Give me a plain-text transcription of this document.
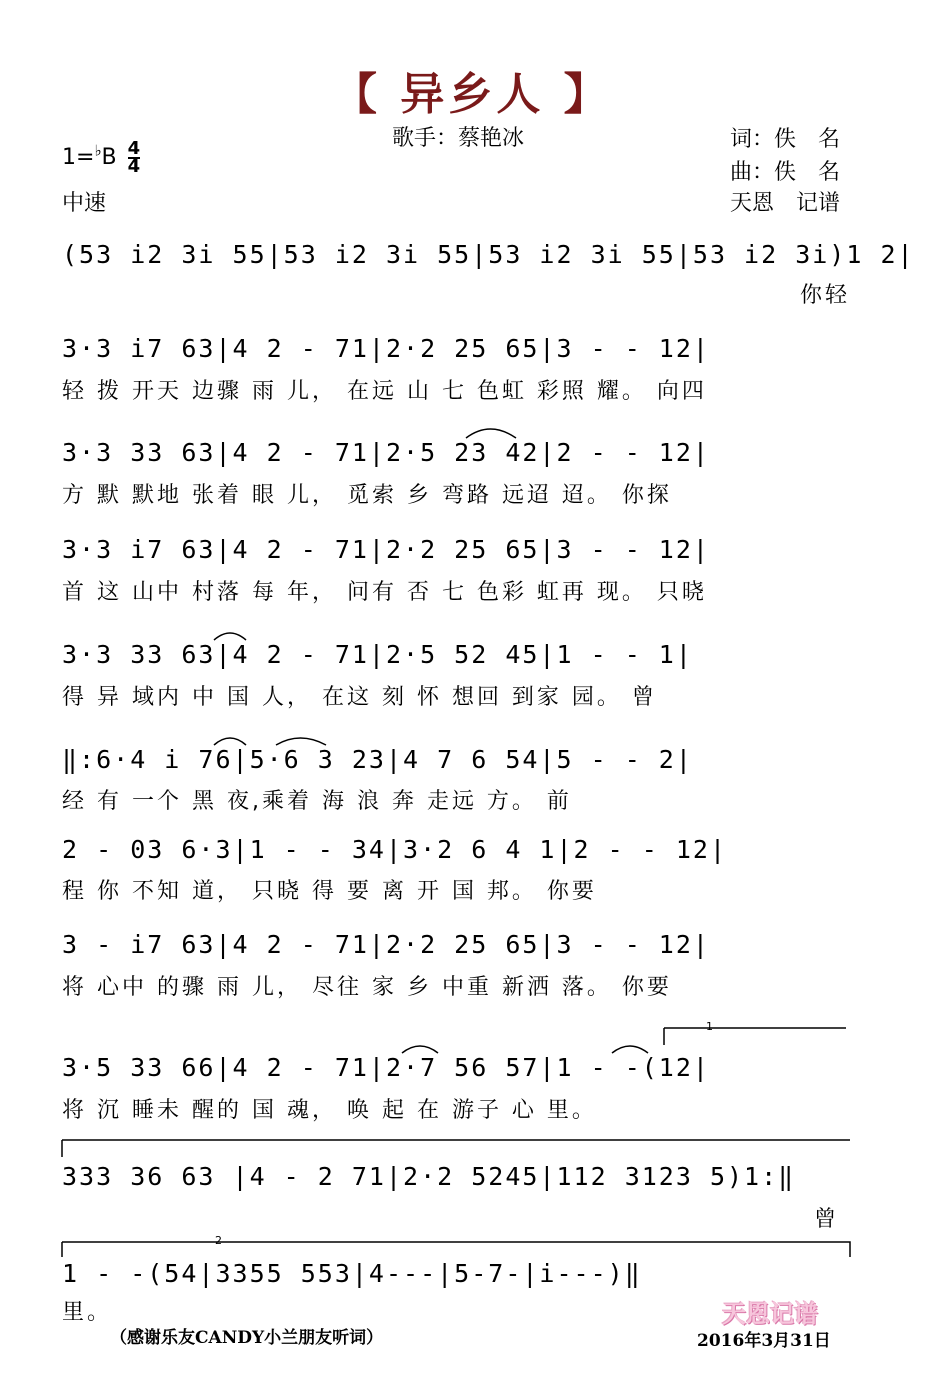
【 异乡人 】
歌手：蔡艳冰
$1=^♭B \frac{4}{4}$
中速
词：佚　名
曲：佚　名
天恩　记谱
(53 i2 3i 55|53 i2 3i 55|53 i2 3i 55|53 i2 3i)1 2|
你轻
3·3 i7 63|4 2 - 71|2·2 25 65|3 - - 12|
轻 拨 开天 边骤 雨 儿， 在远 山 七 色虹 彩照 耀。 向四
3·3 33 63|4 2 - 71|2·5 23 42|2 - - 12|
方 默 默地 张着 眼 儿， 觅索 乡 弯路 远迢 迢。 你探
3·3 i7 63|4 2 - 71|2·2 25 65|3 - - 12|
首 这 山中 村落 每 年， 问有 否 七 色彩 虹再 现。 只晓
3·3 33 63|4 2 - 71|2·5 52 45|1 - - 1|
得 异 域内 中 国 人， 在这 刻 怀 想回 到家 园。 曾
‖:6·4 i 76|5·6 3 23|4 7 6 54|5 - - 2|
经 有 一个 黑 夜,乘着 海 浪 奔 走远 方。 前
2 - 03 6·3|1 - - 34|3·2 6 4 1|2 - - 12|
程 你 不知 道， 只晓 得 要 离 开 国 邦。 你要
3 - i7 63|4 2 - 71|2·2 25 65|3 - - 12|
将 心中 的骤 雨 儿， 尽往 家 乡 中重 新洒 落。 你要
3·5 33 66|4 2 - 71|2·7 56 57|1 - -(12|
将 沉 睡未 醒的 国 魂， 唤 起 在 游子 心 里。
333 36 63 |4 - 2 71|2·2 5245|112 3123 5)1:‖
曾
1 - -(54|3355 553|4---|5-7-|i---)‖
里。
1
2
（感谢乐友CANDY小兰朋友听词）
天恩记谱
2016年3月31日
